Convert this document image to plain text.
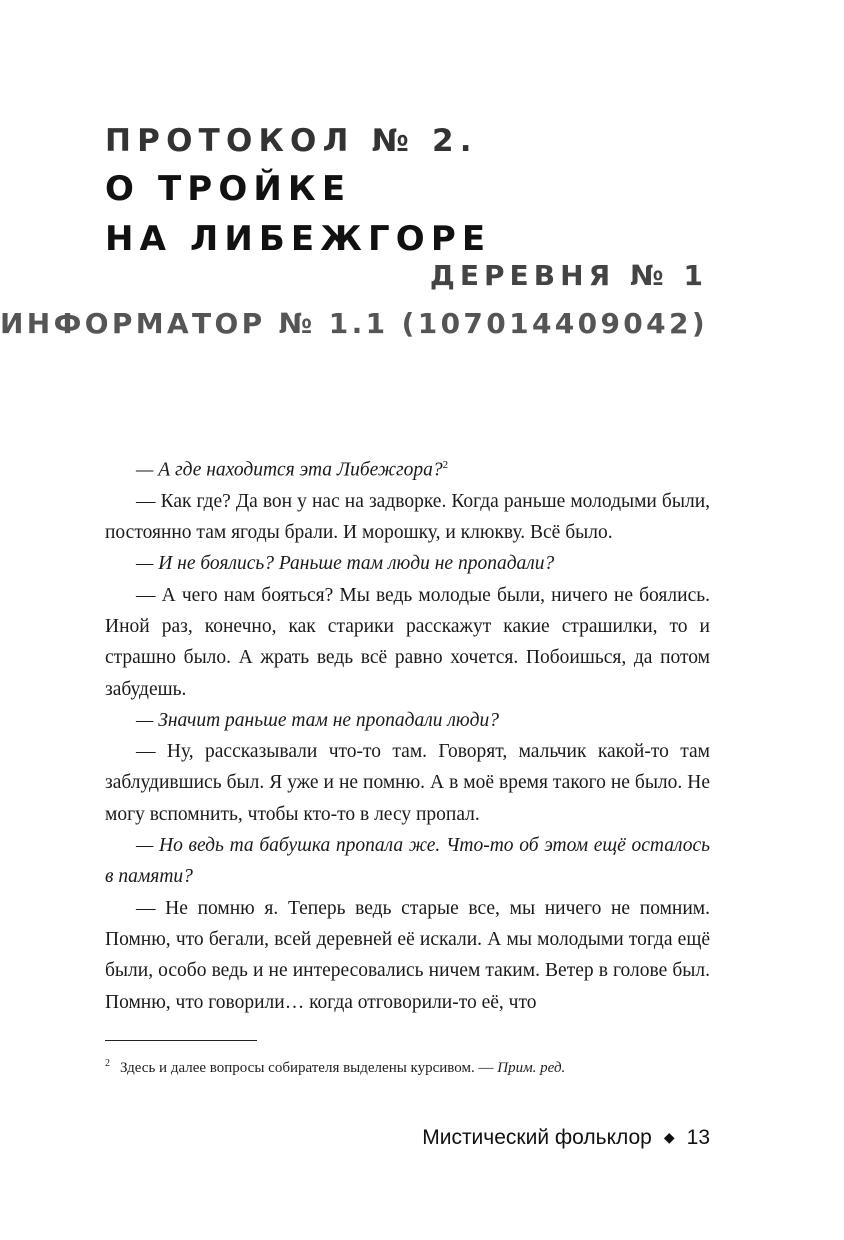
ПРОТОКОЛ № 2.
О ТРОЙКЕ
НА ЛИБЕЖГОРЕ
ДЕРЕВНЯ № 1
ИНФОРМАТОР № 1.1 (107014409042)

— А где находится эта Либежгора?$^2$

— Как где? Да вон у нас на задворке. Когда раньше молодыми были, постоянно там ягоды брали. И морошку, и клюкву. Всё было.

— И не боялись? Раньше там люди не пропадали?

— А чего нам бояться? Мы ведь молодые были, ничего не боялись. Иной раз, конечно, как старики расскажут какие страшилки, то и страшно было. А жрать ведь всё равно хочется. Побоишься, да потом забудешь.

— Значит раньше там не пропадали люди?

— Ну, рассказывали что-то там. Говорят, мальчик какой-то там заблудившись был. Я уже и не помню. А в моё время такого не было. Не могу вспомнить, чтобы кто-то в лесу пропал.

— Но ведь та бабушка пропала же. Что-то об этом ещё осталось в памяти?

— Не помню я. Теперь ведь старые все, мы ничего не помним. Помню, что бегали, всей деревней её искали. А мы молодыми тогда ещё были, особо ведь и не интересовались ничем таким. Ветер в голове был. Помню, что говорили… когда отговорили-то её, что

$^2$ Здесь и далее вопросы собирателя выделены курсивом. — Прим. ред.
Мистический фольклор ◆ 13
